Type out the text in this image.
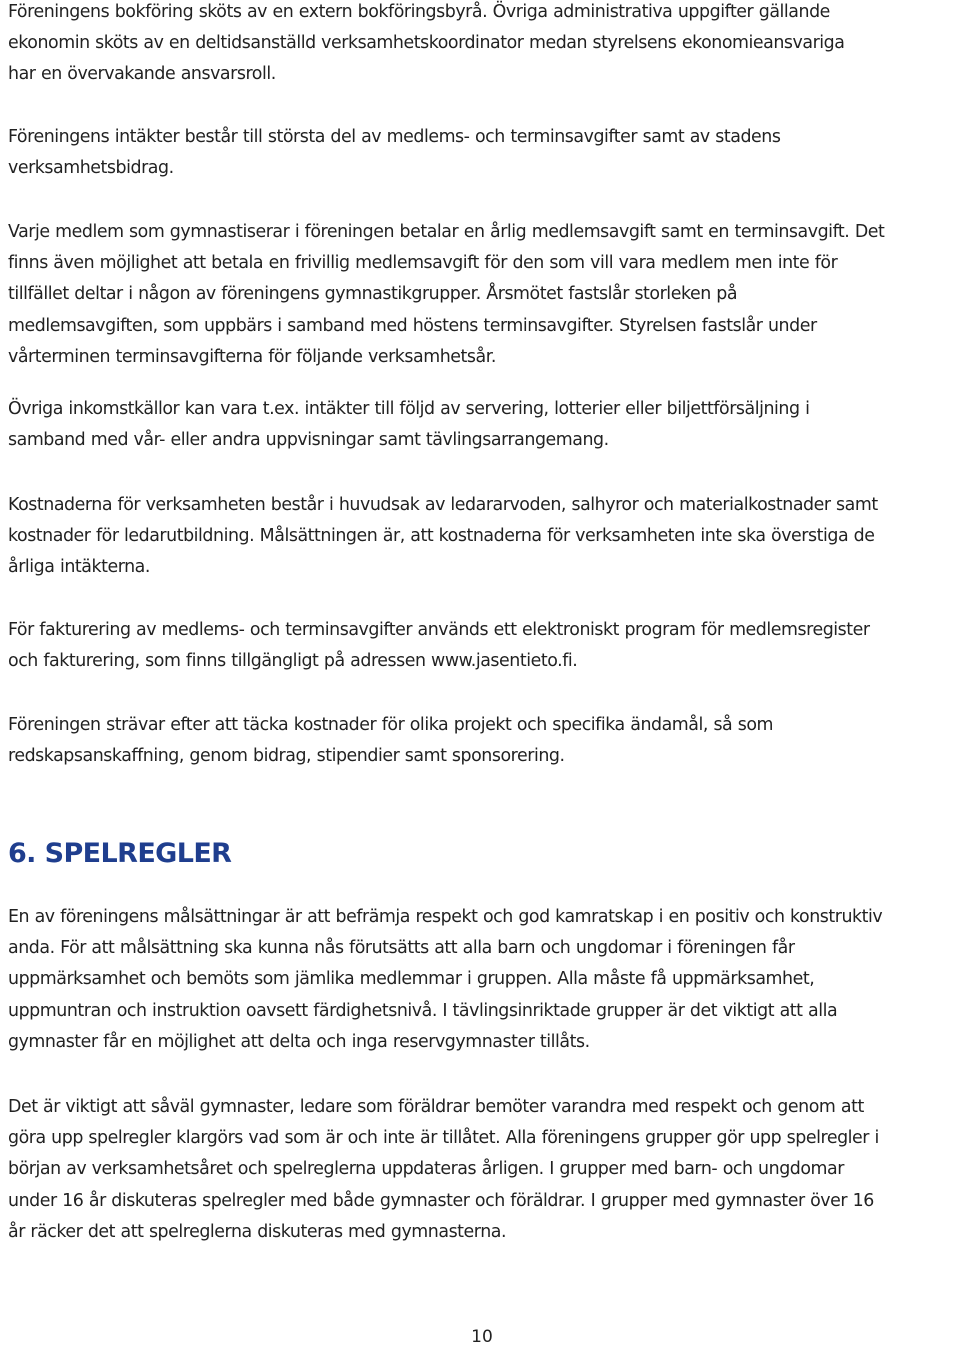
Föreningens bokföring sköts av en extern bokföringsbyrå. Övriga administrativa uppgifter gällande
ekonomin sköts av en deltidsanställd verksamhetskoordinator medan styrelsens ekonomieansvariga
har en övervakande ansvarsroll.

Föreningens intäkter består till största del av medlems- och terminsavgifter samt av stadens
verksamhetsbidrag.

Varje medlem som gymnastiserar i föreningen betalar en årlig medlemsavgift samt en terminsavgift. Det
finns även möjlighet att betala en frivillig medlemsavgift för den som vill vara medlem men inte för
tillfället deltar i någon av föreningens gymnastikgrupper. Årsmötet fastslår storleken på
medlemsavgiften, som uppbärs i samband med höstens terminsavgifter. Styrelsen fastslår under
vårterminen terminsavgifterna för följande verksamhetsår.

Övriga inkomstkällor kan vara t.ex. intäkter till följd av servering, lotterier eller biljettförsäljning i
samband med vår- eller andra uppvisningar samt tävlingsarrangemang.

Kostnaderna för verksamheten består i huvudsak av ledararvoden, salhyror och materialkostnader samt
kostnader för ledarutbildning. Målsättningen är, att kostnaderna för verksamheten inte ska överstiga de
årliga intäkterna.

För fakturering av medlems- och terminsavgifter används ett elektroniskt program för medlemsregister
och fakturering, som finns tillgängligt på adressen www.jasentieto.fi.

Föreningen strävar efter att täcka kostnader för olika projekt och specifika ändamål, så som
redskapsanskaffning, genom bidrag, stipendier samt sponsorering.

6. SPELREGLER

En av föreningens målsättningar är att befrämja respekt och god kamratskap i en positiv och konstruktiv
anda. För att målsättning ska kunna nås förutsätts att alla barn och ungdomar i föreningen får
uppmärksamhet och bemöts som jämlika medlemmar i gruppen. Alla måste få uppmärksamhet,
uppmuntran och instruktion oavsett färdighetsnivå. I tävlingsinriktade grupper är det viktigt att alla
gymnaster får en möjlighet att delta och inga reservgymnaster tillåts.

Det är viktigt att såväl gymnaster, ledare som föräldrar bemöter varandra med respekt och genom att
göra upp spelregler klargörs vad som är och inte är tillåtet. Alla föreningens grupper gör upp spelregler i
början av verksamhetsåret och spelreglerna uppdateras årligen. I grupper med barn- och ungdomar
under 16 år diskuteras spelregler med både gymnaster och föräldrar. I grupper med gymnaster över 16
år räcker det att spelreglerna diskuteras med gymnasterna.

10
